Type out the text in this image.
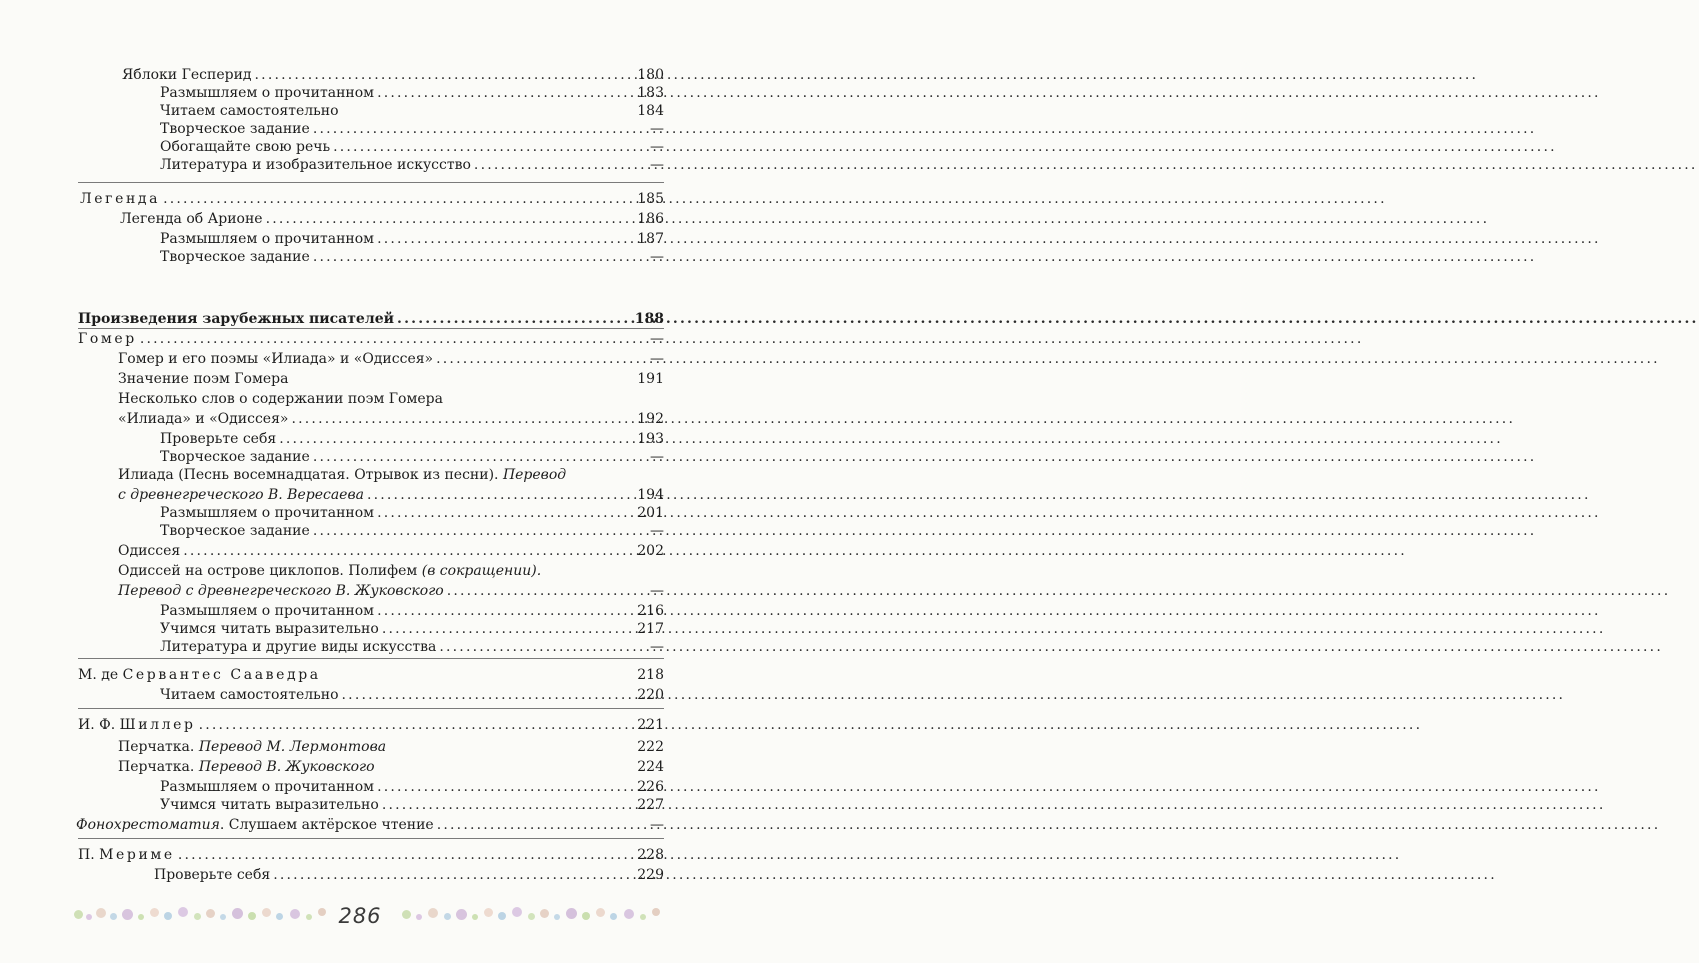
Яблоки Гесперид .....	180
Размышляем о прочитанном .....	183
Читаем самостоятельно	184
Творческое задание .....	—
Обогащайте свою речь .....	—
Литература и изобразительное искусство .....	—
Легенда .....	185
Легенда об Арионе .....	186
Размышляем о прочитанном .....	187
Творческое задание .....	—
Произведения зарубежных писателей .....	188
Гомер .....	—
Гомер и его поэмы «Илиада» и «Одиссея» .....	—
Значение поэм Гомера	191
Несколько слов о содержании поэм Гомера
«Илиада» и «Одиссея» .....	192
Проверьте себя .....	193
Творческое задание .....	—
Илиада (Песнь восемнадцатая. Отрывок из песни). Перевод
с древнегреческого В. Вересаева .....	194
Размышляем о прочитанном .....	201
Творческое задание .....	—
Одиссея .....	202
Одиссей на острове циклопов. Полифем (в сокращении).
Перевод с древнегреческого В. Жуковского .....	—
Размышляем о прочитанном .....	216
Учимся читать выразительно .....	217
Литература и другие виды искусства .....	—
М. де Сервантес Сааведра	218
Читаем самостоятельно .....	220
И. Ф. Шиллер .....	221
Перчатка. Перевод М. Лермонтова	222
Перчатка. Перевод В. Жуковского	224
Размышляем о прочитанном .....	226
Учимся читать выразительно .....	227
Фонохрестоматия. Слушаем актёрское чтение .....	—
П. Мериме .....	228
Проверьте себя .....	229
286
